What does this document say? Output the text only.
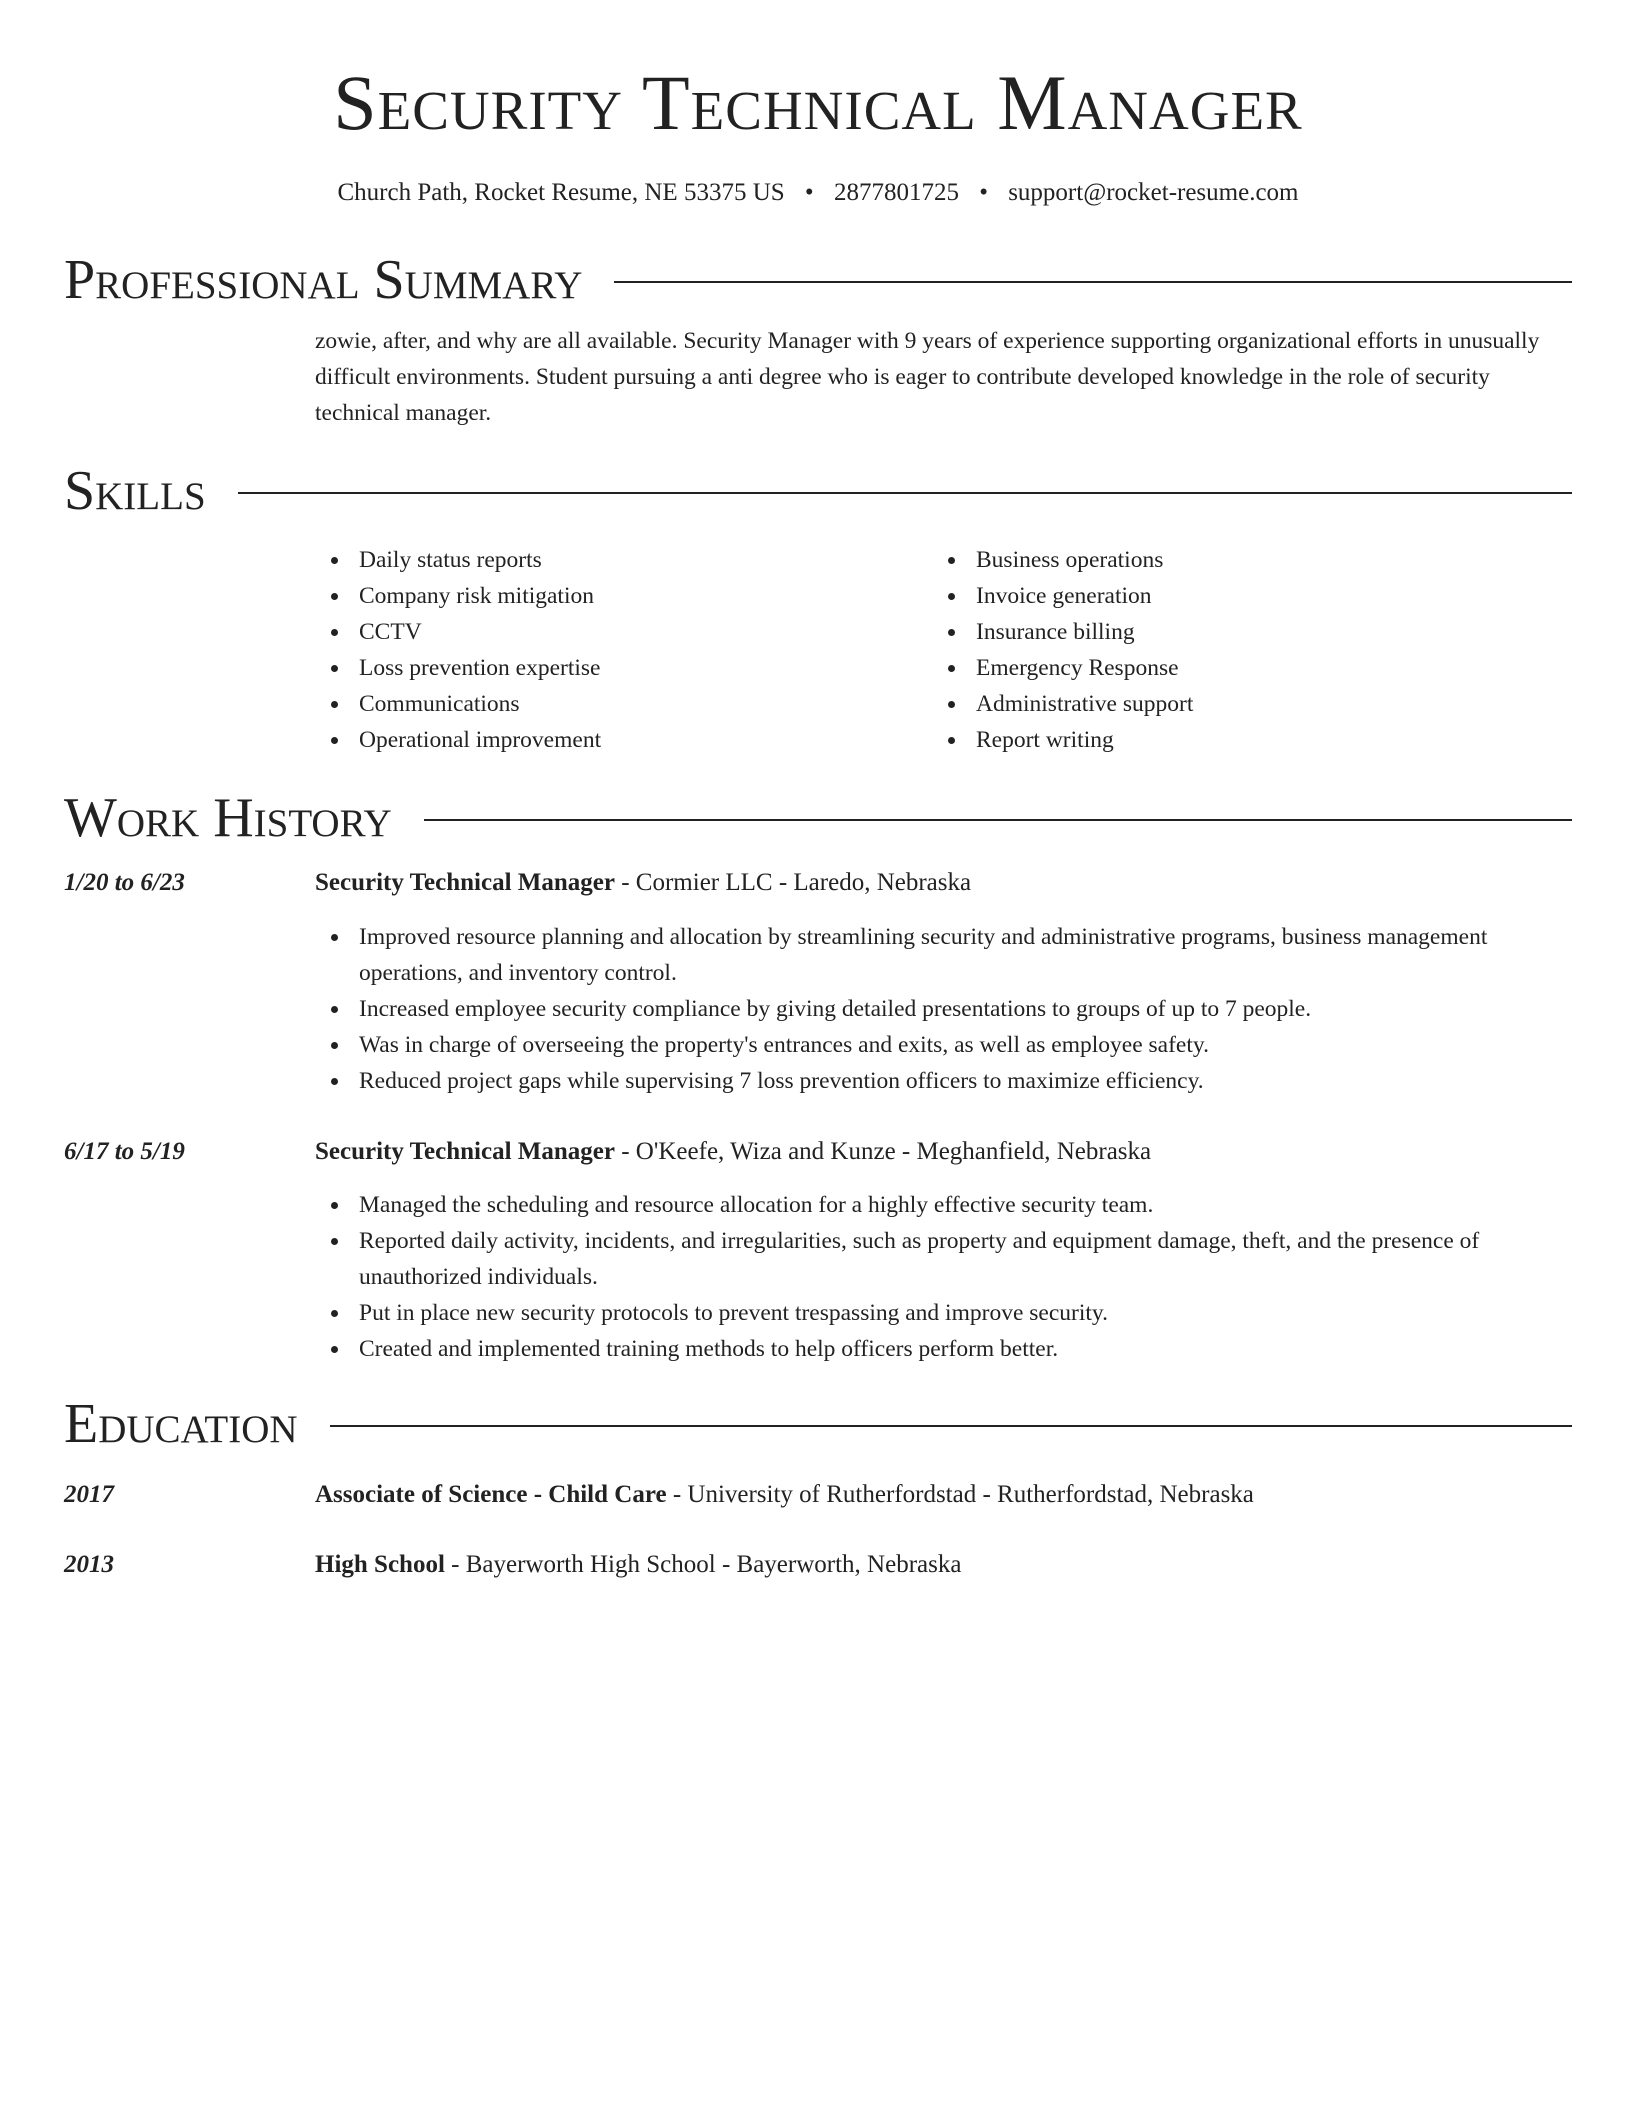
Security Technical Manager
Church Path, Rocket Resume, NE 53375 US • 2877801725 • support@rocket-resume.com
Professional Summary

zowie, after, and why are all available. Security Manager with 9 years of experience supporting organizational efforts in unusually difficult environments. Student pursuing a anti degree who is eager to contribute developed knowledge in the role of security technical manager.

Skills
Daily status reports
Company risk mitigation
CCTV
Loss prevention expertise
Communications
Operational improvement
Business operations
Invoice generation
Insurance billing
Emergency Response
Administrative support
Report writing
Work History
1/20 to 6/23	Security Technical Manager - Cormier LLC - Laredo, Nebraska
Improved resource planning and allocation by streamlining security and administrative programs, business management operations, and inventory control.
Increased employee security compliance by giving detailed presentations to groups of up to 7 people.
Was in charge of overseeing the property's entrances and exits, as well as employee safety.
Reduced project gaps while supervising 7 loss prevention officers to maximize efficiency.
6/17 to 5/19	Security Technical Manager - O'Keefe, Wiza and Kunze - Meghanfield, Nebraska
Managed the scheduling and resource allocation for a highly effective security team.
Reported daily activity, incidents, and irregularities, such as property and equipment damage, theft, and the presence of unauthorized individuals.
Put in place new security protocols to prevent trespassing and improve security.
Created and implemented training methods to help officers perform better.
Education
2017	Associate of Science - Child Care - University of Rutherfordstad - Rutherfordstad, Nebraska
2013	High School - Bayerworth High School - Bayerworth, Nebraska
